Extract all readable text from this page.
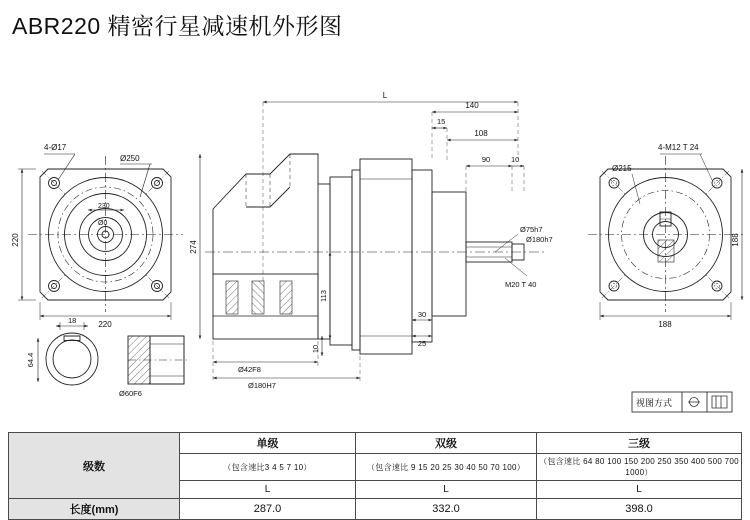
ABR220 精密行星减速机外形图
4-Ø17
Ø250
230
Ø0
220
220
18
64.4
Ø60F6
L
140
15
108
90	10
Ø75h7
Ø180h7
M20 T 40
274
113
30
25
10
Ø42F8
Ø180H7
4-M12 T 24
Ø215
188
188
视图方式
级数	单级	双级	三级
	（包含速比3 4 5 7 10）	（包含速比 9 15 20 25 30 40 50 70 100）	（包含速比 64 80 100 150 200 250 350 400 500 700 1000）
	L	L	L
长度(mm)	287.0	332.0	398.0
